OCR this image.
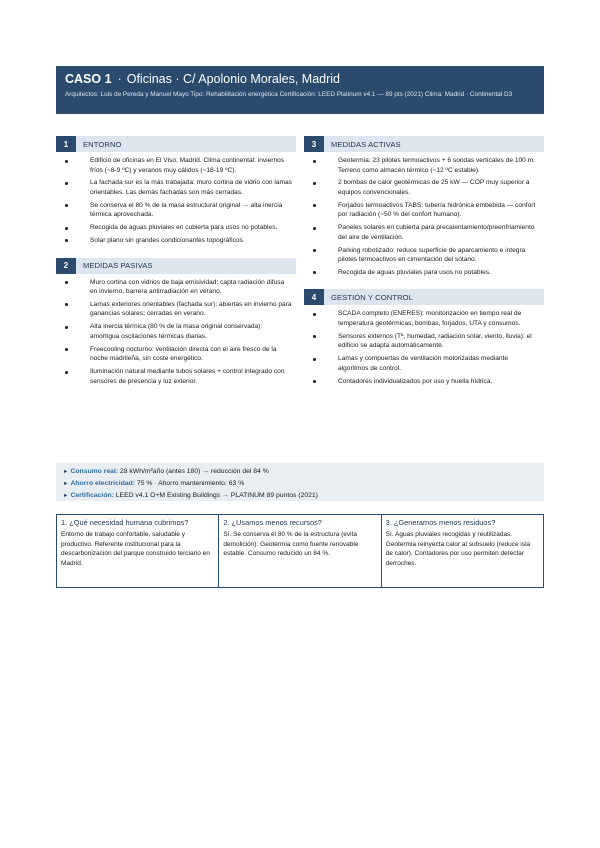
CASO 1 · Oficinas · C/ Apolonio Morales, Madrid
Arquitectos: Luis de Pereda y Manuel Mayo Tipo: Rehabilitación energética Certificación: LEED Platinum v4.1 — 89 pts (2021) Clima: Madrid · Continental D3
1	ENTORNO
Edificio de oficinas en El Viso, Madrid. Clima continental: inviernos fríos (~8-9 ºC) y veranos muy cálidos (~18-19 ºC).
La fachada sur es la más trabajada: muro cortina de vidrio con lamas orientables. Las demás fachadas son más cerradas.
Se conserva el 80 % de la masa estructural original → alta inercia térmica aprovechada.
Recogida de aguas pluviales en cubierta para usos no potables.
Solar plano sin grandes condicionantes topográficos.
2	MEDIDAS PASIVAS
Muro cortina con vidrios de baja emisividad: capta radiación difusa en invierno, barrera antirradiación en verano.
Lamas exteriores orientables (fachada sur): abiertas en invierno para ganancias solares; cerradas en verano.
Alta inercia térmica (80 % de la masa original conservada): amortigua oscilaciones térmicas diarias.
Freecooling nocturno: ventilación directa con el aire fresco de la noche madrileña, sin coste energético.
Iluminación natural mediante tubos solares + control integrado con sensores de presencia y luz exterior.
3	MEDIDAS ACTIVAS
Geotermia: 23 pilotes termoactivos + 6 sondas verticales de 100 m. Terreno como almacén térmico (~12 ºC estable).
2 bombas de calor geotérmicas de 25 kW — COP muy superior a equipos convencionales.
Forjados termoactivos TABS: tubería hidrónica embebida — confort por radiación (~50 % del confort humano).
Paneles solares en cubierta para precalentamiento/preenfriamiento del aire de ventilación.
Parking robotizado: reduce superficie de aparcamiento e integra pilotes termoactivos en cimentación del sótano.
Recogida de aguas pluviales para usos no potables.
4	GESTIÓN Y CONTROL
SCADA completo (ENERES): monitorización en tiempo real de temperatura geotérmicas, bombas, forjados, UTA y consumos.
Sensores externos (Tª, humedad, radiación solar, viento, lluvia): el edificio se adapta automáticamente.
Lamas y compuertas de ventilación motorizadas mediante algoritmos de control.
Contadores individualizados por uso y huella hídrica.
► Consumo real: 28 kWh/m²año (antes 180) → reducción del 84 %
► Ahorro electricidad: 75 % · Ahorro mantenimiento: 63 %
► Certificación: LEED v4.1 O+M Existing Buildings → PLATINUM 89 puntos (2021)
1. ¿Qué necesidad humana cubrimos?
Entorno de trabajo confortable, saludable y productivo. Referente institucional para la descarbonización del parque construido terciario en Madrid.
2. ¿Usamos menos recursos?
Sí. Se conserva el 80 % de la estructura (evita demolición). Geotermia como fuente renovable estable. Consumo reducido un 84 %.
3. ¿Generamos menos residuos?
Sí. Aguas pluviales recogidas y reutilizadas. Geotermia reinyecta calor al subsuelo (reduce isla de calor). Contadores por uso permiten detectar derroches.
